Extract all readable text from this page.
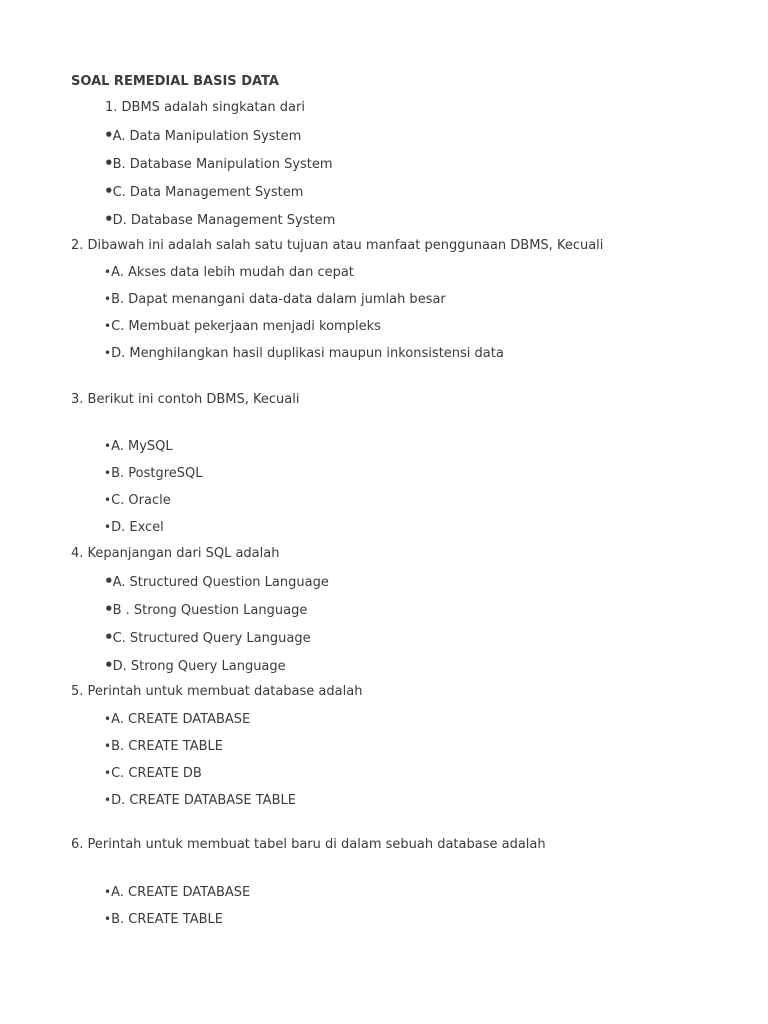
SOAL REMEDIAL BASIS DATA
1. DBMS adalah singkatan dari
•A. Data Manipulation System
•B. Database Manipulation System
•C. Data Management System
•D. Database Management System
2. Dibawah ini adalah salah satu tujuan atau manfaat penggunaan DBMS, Kecuali
•A. Akses data lebih mudah dan cepat
•B. Dapat menangani data-data dalam jumlah besar
•C. Membuat pekerjaan menjadi kompleks
•D. Menghilangkan hasil duplikasi maupun inkonsistensi data
3. Berikut ini contoh DBMS, Kecuali
•A. MySQL
•B. PostgreSQL
•C. Oracle
•D. Excel
4. Kepanjangan dari SQL adalah
•A. Structured Question Language
•B . Strong Question Language
•C. Structured Query Language
•D. Strong Query Language
5. Perintah untuk membuat database adalah
•A. CREATE DATABASE
•B. CREATE TABLE
•C. CREATE DB
•D. CREATE DATABASE TABLE
6. Perintah untuk membuat tabel baru di dalam sebuah database adalah
•A. CREATE DATABASE
•B. CREATE TABLE
